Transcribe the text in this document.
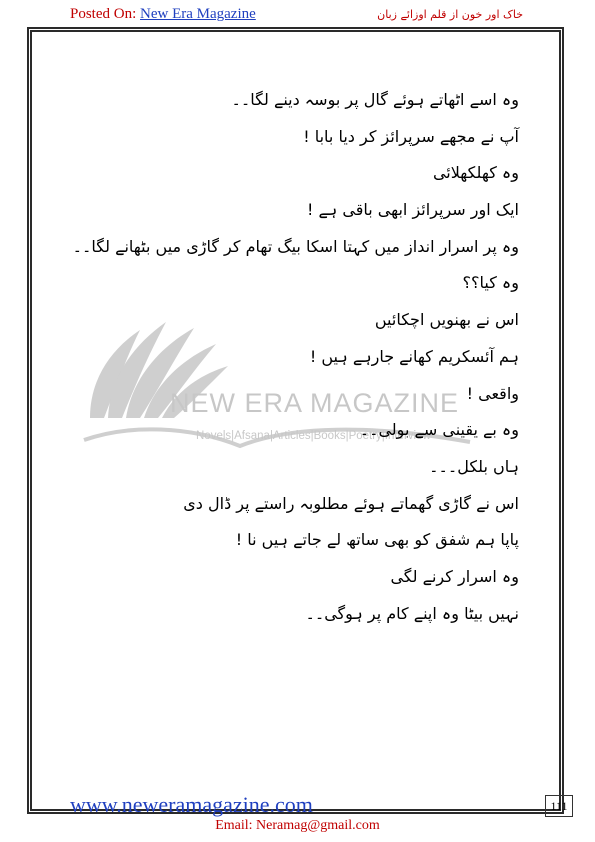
Posted On: New Era Magazine	خاک اور خون از قلم اوزائے زبان
NEW ERA MAGAZINE
Novels|Afsana|Articles|Books|Poetry|Interview
وہ اسے اٹھاتے ہوئے گال پر بوسہ دینے لگا۔۔
آپ نے مجھے سرپرائز کر دیا بابا !
وہ کھلکھلائی
ایک اور سرپرائز ابھی باقی ہے !
وہ پر اسرار انداز میں کہتا اسکا بیگ تھام کر گاڑی میں بٹھانے لگا۔۔
وہ کیا؟؟
اس نے بھنویں اچکائیں
ہم آئسکریم کھانے جارہے ہیں !
واقعی !
وہ بے یقینی سے بولی۔۔
ہاں بلکل۔۔۔
اس نے گاڑی گھماتے ہوئے مطلوبہ راستے پر ڈال دی
پاپا ہم شفق کو بھی ساتھ لے جاتے ہیں نا !
وہ اسرار کرنے لگی
نہیں بیٹا وہ اپنے کام پر ہوگی۔۔
www.neweramagazine.com	111
Email: Neramag@gmail.com
